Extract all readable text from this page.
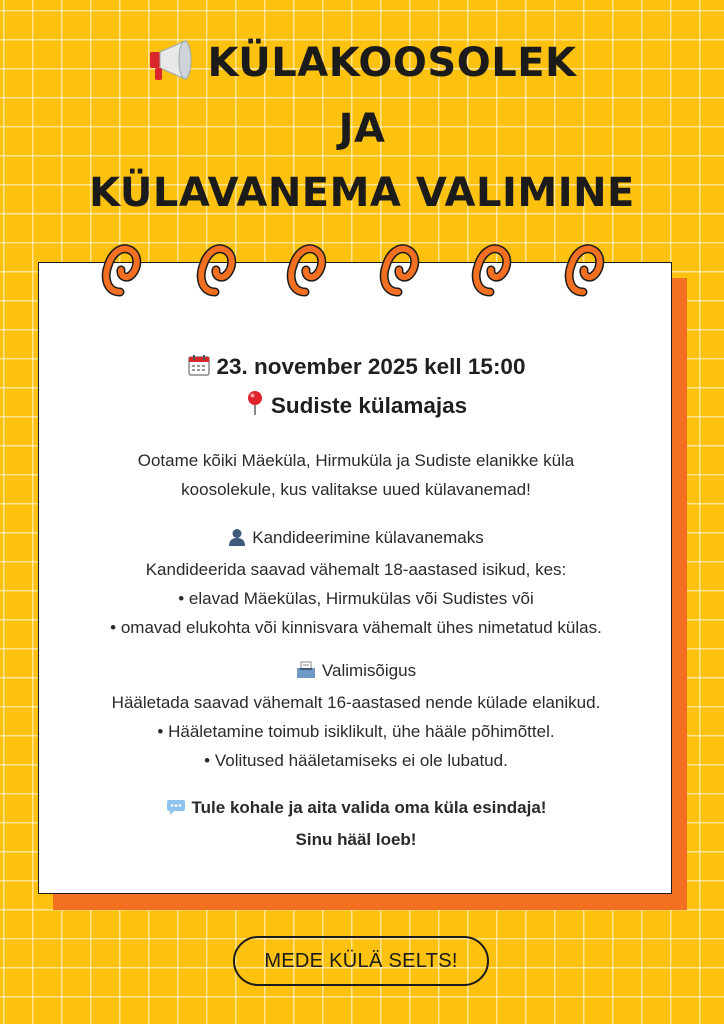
KÜLAKOOSOLEK
JA
KÜLAVANEMA VALIMINE
23. november 2025 kell 15:00
Sudiste külamajas
Ootame kõiki Mäeküla, Hirmuküla ja Sudiste elanikke küla
koosolekule, kus valitakse uued külavanemad!
Kandideerimine külavanemaks
Kandideerida saavad vähemalt 18-aastased isikud, kes:
• elavad Mäekülas, Hirmukülas või Sudistes või
• omavad elukohta või kinnisvara vähemalt ühes nimetatud külas.
Valimisõigus
Hääletada saavad vähemalt 16-aastased nende külade elanikud.
• Hääletamine toimub isiklikult, ühe hääle põhimõttel.
• Volitused hääletamiseks ei ole lubatud.
Tule kohale ja aita valida oma küla esindaja!
Sinu hääl loeb!
MEDE KÜLÄ SELTS!
